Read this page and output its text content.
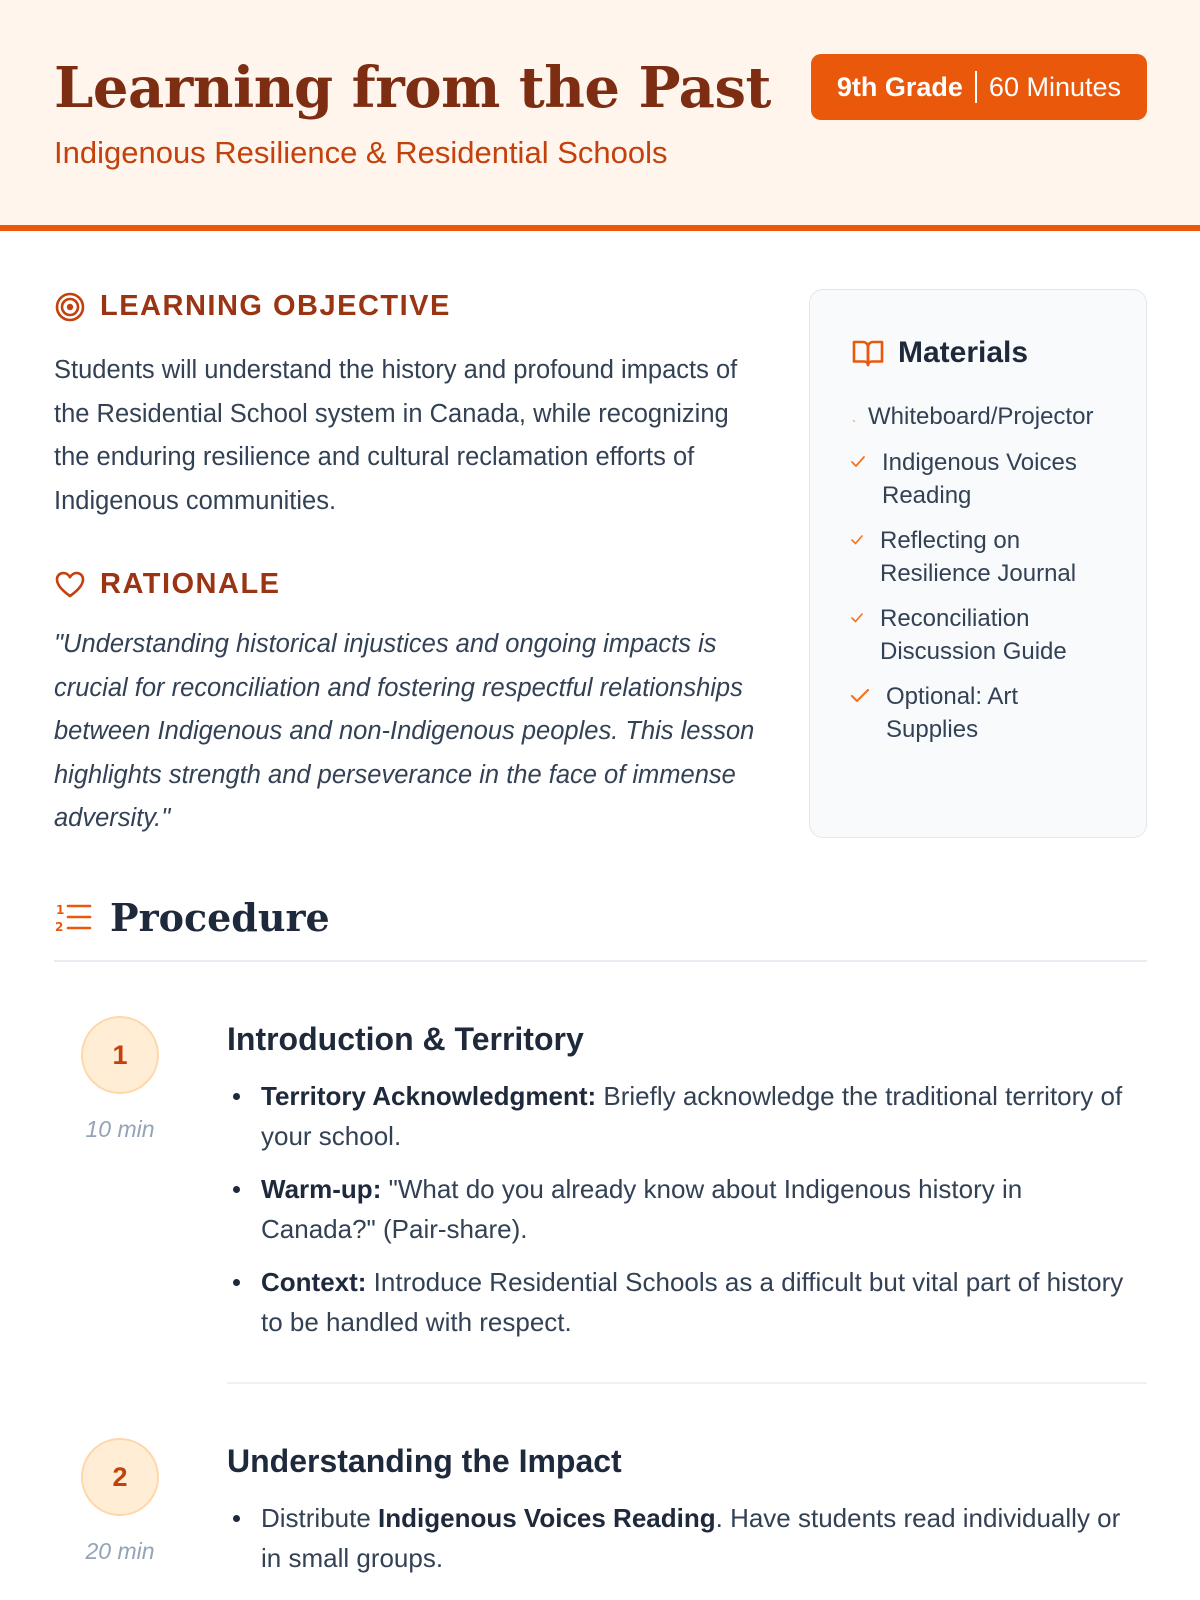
Learning from the Past
Indigenous Resilience & Residential Schools
9th Grade 60 Minutes
LEARNING OBJECTIVE

Students will understand the history and profound impacts of the Residential School system in Canada, while recognizing the enduring resilience and cultural reclamation efforts of Indigenous communities.

RATIONALE

"Understanding historical injustices and ongoing impacts is crucial for reconciliation and fostering respectful relationships between Indigenous and non-Indigenous peoples. This lesson highlights strength and perseverance in the face of immense adversity."

Materials
Whiteboard/Projector
Indigenous Voices Reading
Reflecting on Resilience Journal
Reconciliation Discussion Guide
Optional: Art Supplies
1
2 Procedure
1
10 min
Introduction & Territory
Territory Acknowledgment: Briefly acknowledge the traditional territory of your school.
Warm-up: "What do you already know about Indigenous history in Canada?" (Pair-share).
Context: Introduce Residential Schools as a difficult but vital part of history to be handled with respect.
2
20 min
Understanding the Impact
Distribute Indigenous Voices Reading. Have students read individually or in small groups.
